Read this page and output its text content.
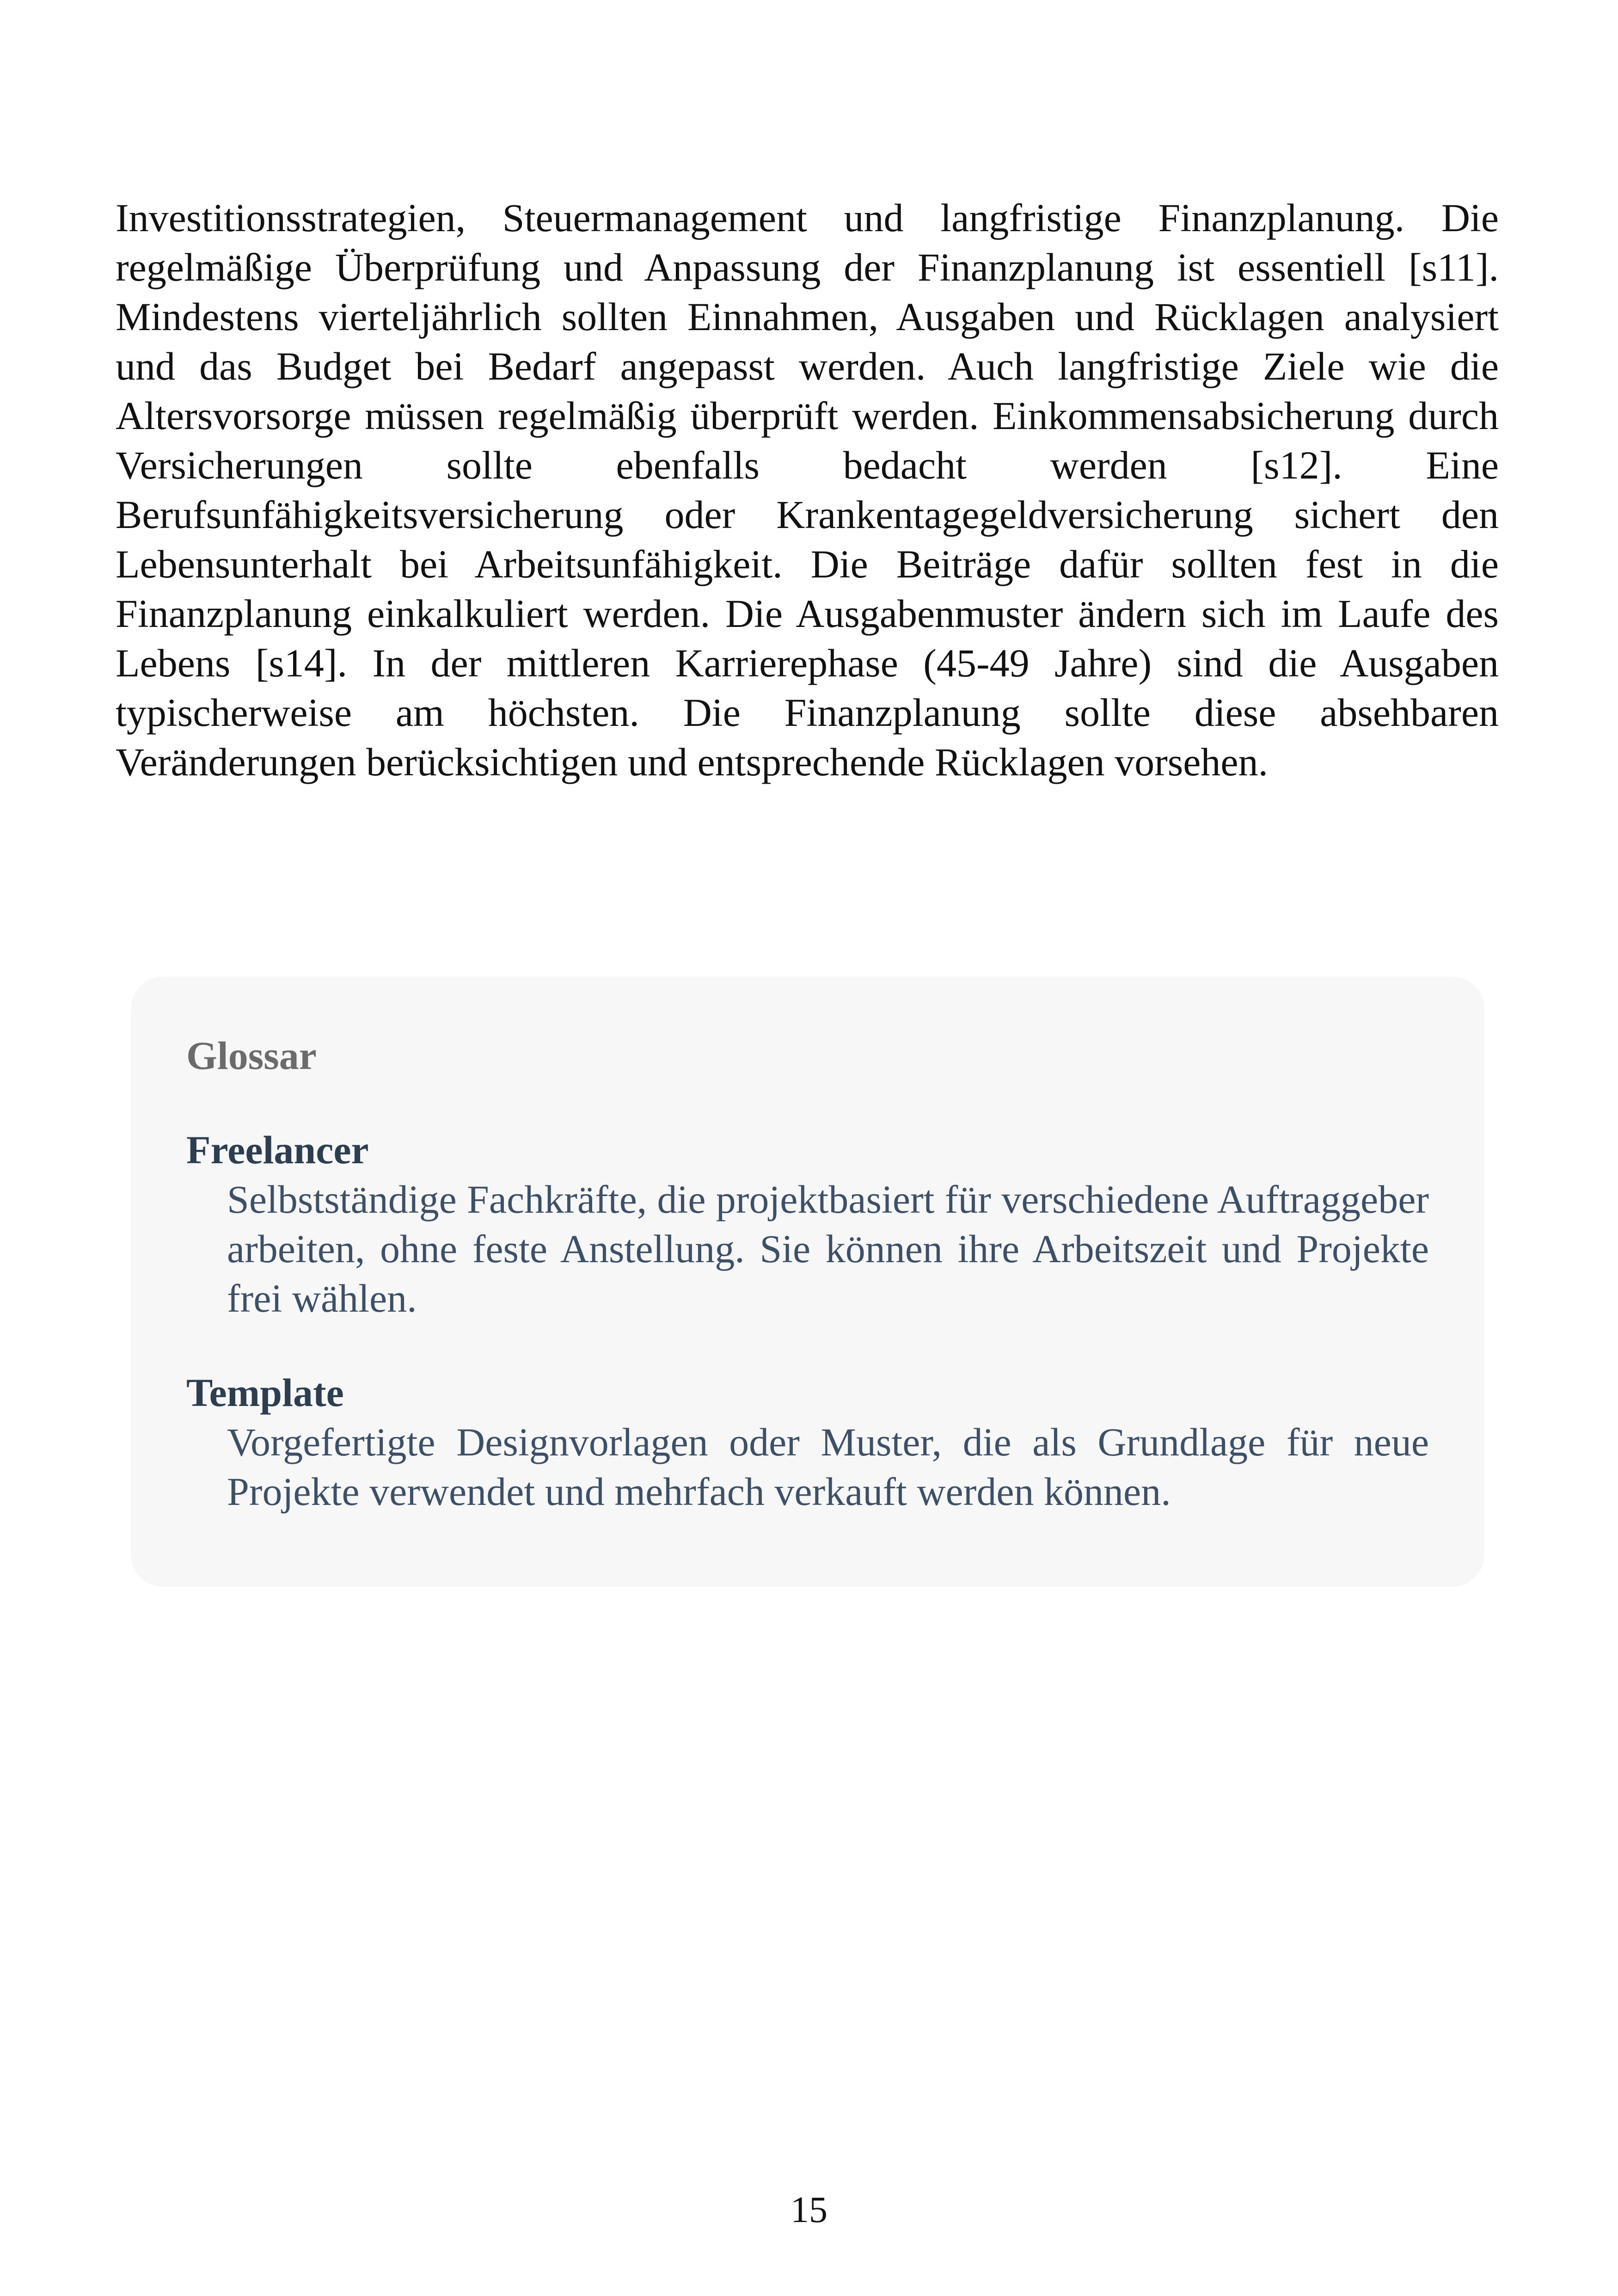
Investitionsstrategien, Steuermanagement und langfristige Finanzplanung. Die regelmäßige Überprüfung und Anpassung der Finanzplanung ist essentiell [s11]. Mindestens vierteljährlich sollten Einnahmen, Ausgaben und Rücklagen analysiert und das Budget bei Bedarf angepasst werden. Auch langfristige Ziele wie die Altersvorsorge müssen regelmäßig überprüft werden. Einkommensabsicherung durch Versicherungen sollte ebenfalls bedacht werden [s12]. Eine Berufsunfähigkeitsversicherung oder Krankentagegeldversicherung sichert den Lebensunterhalt bei Arbeitsunfähigkeit. Die Beiträge dafür sollten fest in die Finanzplanung einkalkuliert werden. Die Ausgabenmuster ändern sich im Laufe des Lebens [s14]. In der mittleren Karrierephase (45-49 Jahre) sind die Ausgaben typischerweise am höchsten. Die Finanzplanung sollte diese absehbaren Veränderungen berücksichtigen und entsprechende Rücklagen vorsehen.

Glossar
Freelancer
Selbstständige Fachkräfte, die projektbasiert für verschiedene Auftraggeber arbeiten, ohne feste Anstellung. Sie können ihre Arbeitszeit und Projekte frei wählen.
Template
Vorgefertigte Designvorlagen oder Muster, die als Grundlage für neue Projekte verwendet und mehrfach verkauft werden können.
15
